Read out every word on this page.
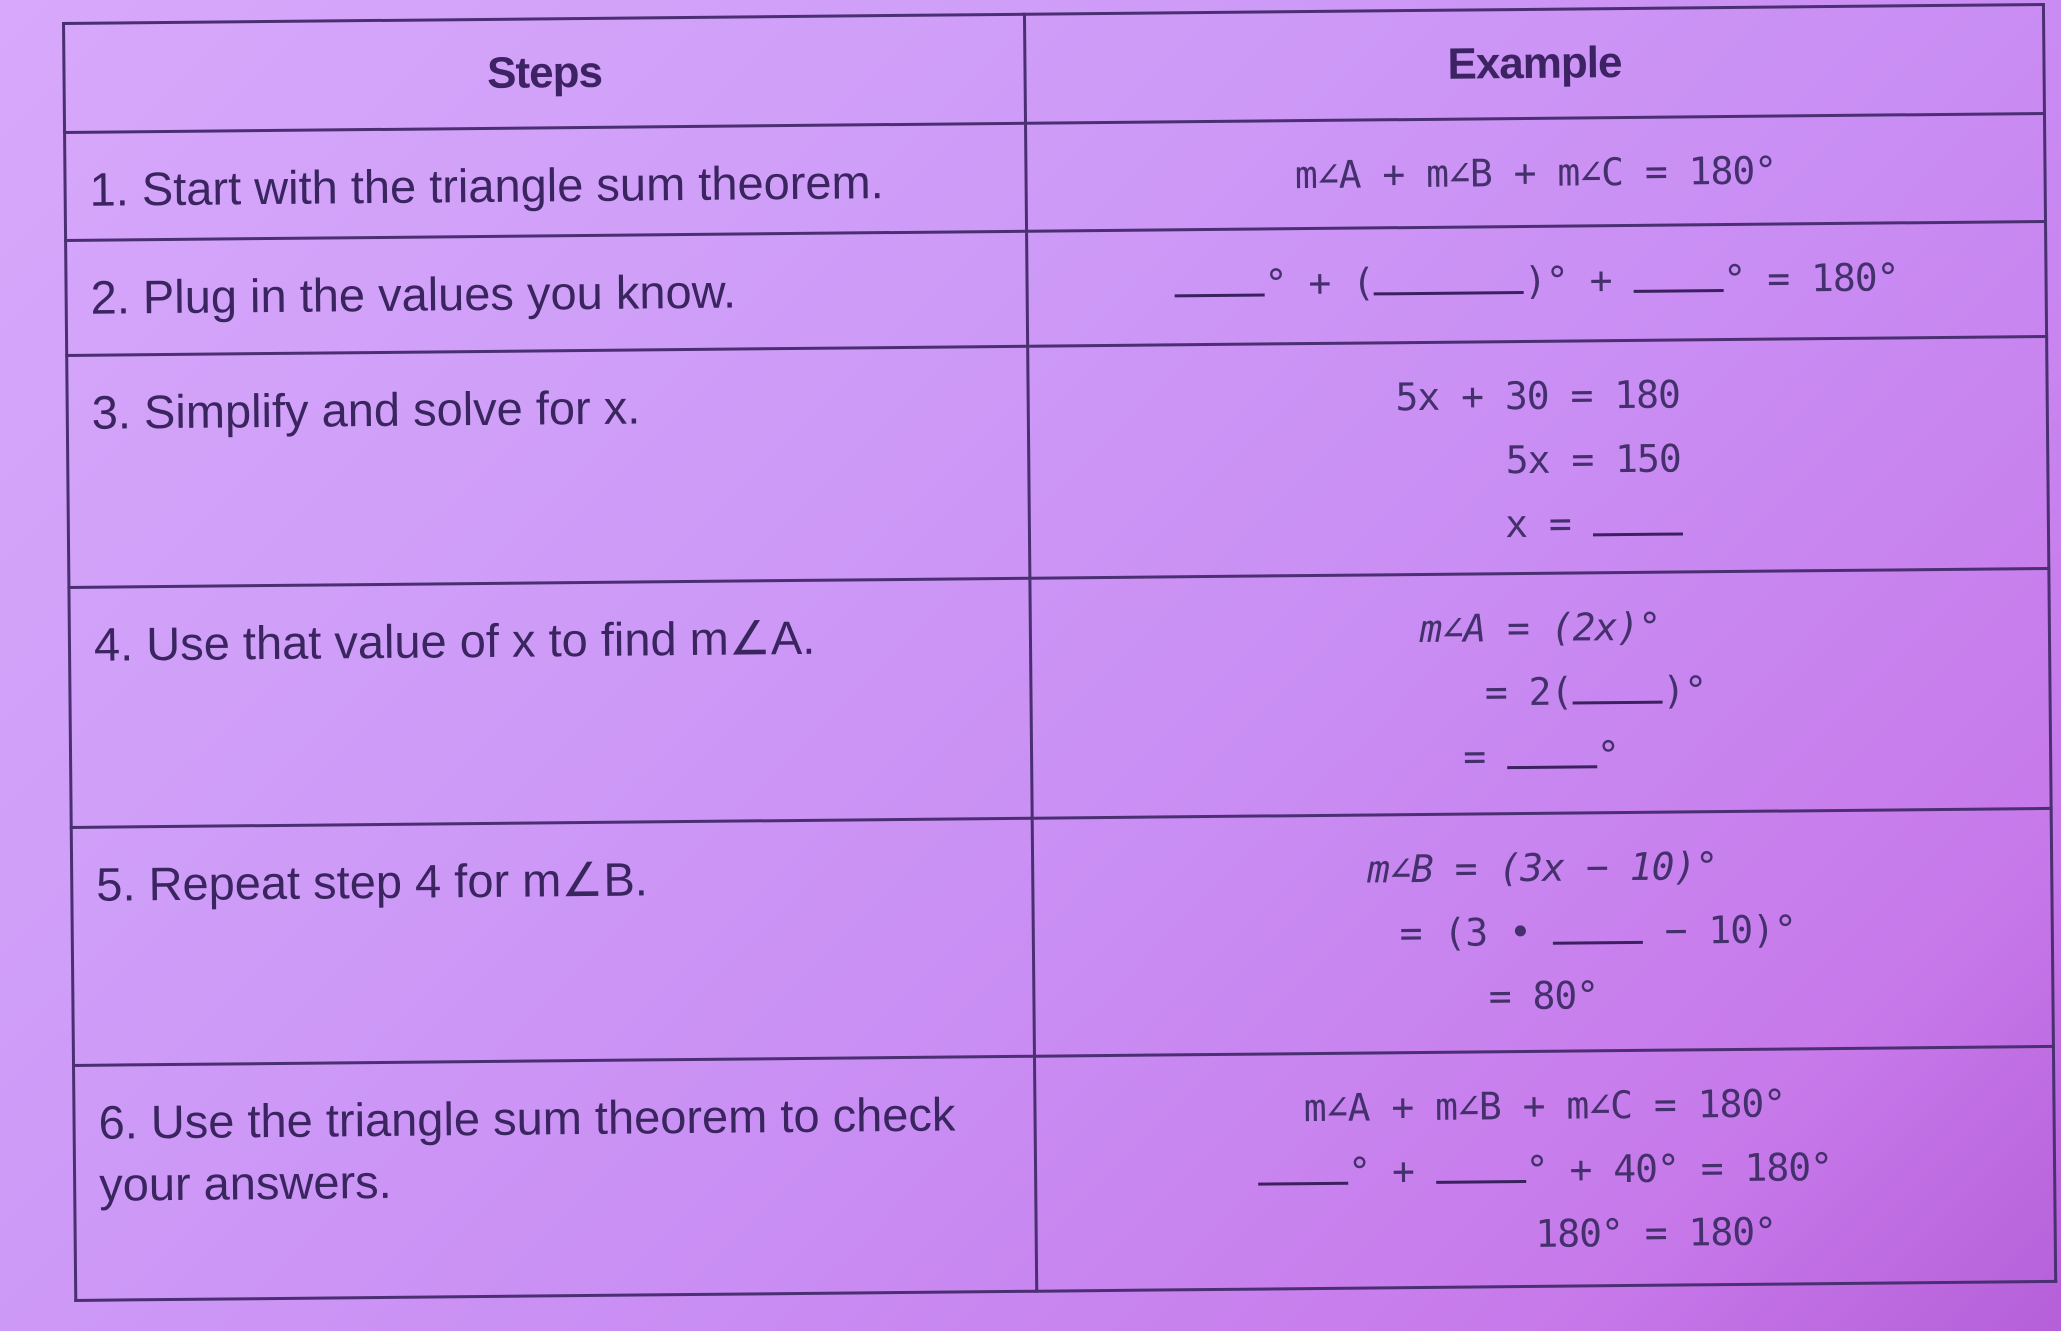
Steps	Example

1. Start with the triangle sum theorem.	m∠A + m∠B + m∠C = 180°

2. Plug in the values you know.	° + ( )° + ° = 180°

3. Simplify and solve for x.	5x + 30 = 180
5x = 150
x =

4. Use that value of x to find m∠A.	m∠A = (2x)°
= 2( )°
= °

5. Repeat step 4 for m∠B.	m∠B = (3x − 10)°
= (3 •  − 10)°
= 80°

6. Use the triangle sum theorem to check your answers.	m∠A + m∠B + m∠C = 180°
° + ° + 40° = 180°
180° = 180°
